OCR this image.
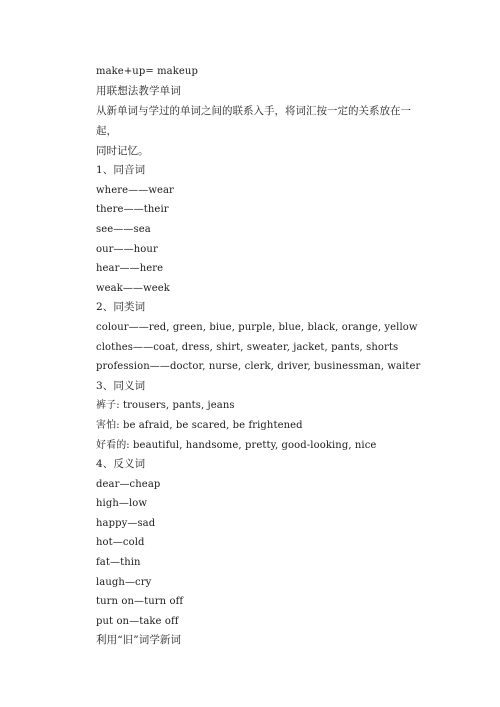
make+up= makeup
用联想法教学单词
从新单词与学过的单词之间的联系入手，将词汇按一定的关系放在一起，
同时记忆。
1、同音词
where——wear
there——their
see——sea
our——hour
hear——here
weak——week
2、同类词
colour——red, green, biue, purple, blue, black, orange, yellow
clothes——coat, dress, shirt, sweater, jacket, pants, shorts
profession——doctor, nurse, clerk, driver, businessman, waiter
3、同义词
裤子: trousers, pants, jeans
害怕: be afraid, be scared, be frightened
好看的: beautiful, handsome, pretty, good-looking, nice
4、反义词
dear—cheap
high—low
happy—sad
hot—cold
fat—thin
laugh—cry
turn on—turn off
put on—take off
利用“旧”词学新词
